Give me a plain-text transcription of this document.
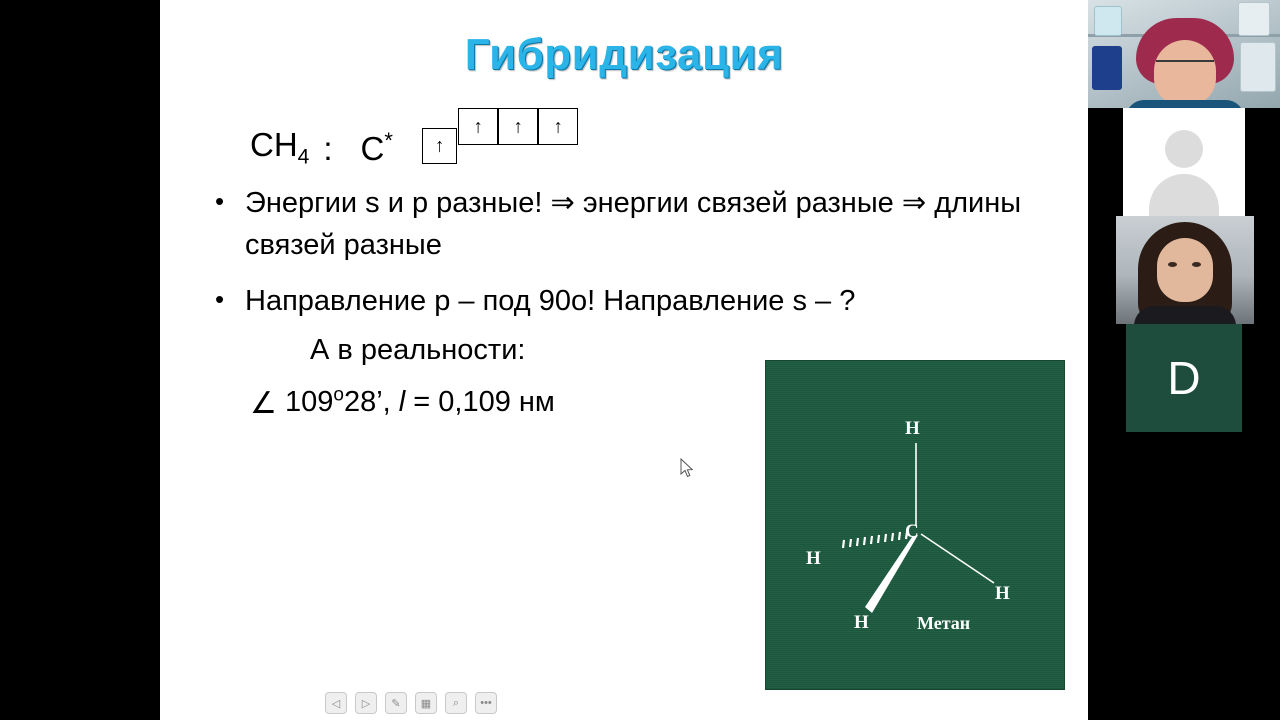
Гибридизация
$CH_4$ : C*	↑
↑	↑	↑
• Энергии s и p разные! ⇒ энергии связей разные ⇒ длины связей разные
• Направление p – под 90o! Направление s – ?
А в реальности:
∠ 109$^o$28’, l = 0,109 нм
H
H
H
H
C
Метан
◁	▷	✎	▦	⌕	•••
D
